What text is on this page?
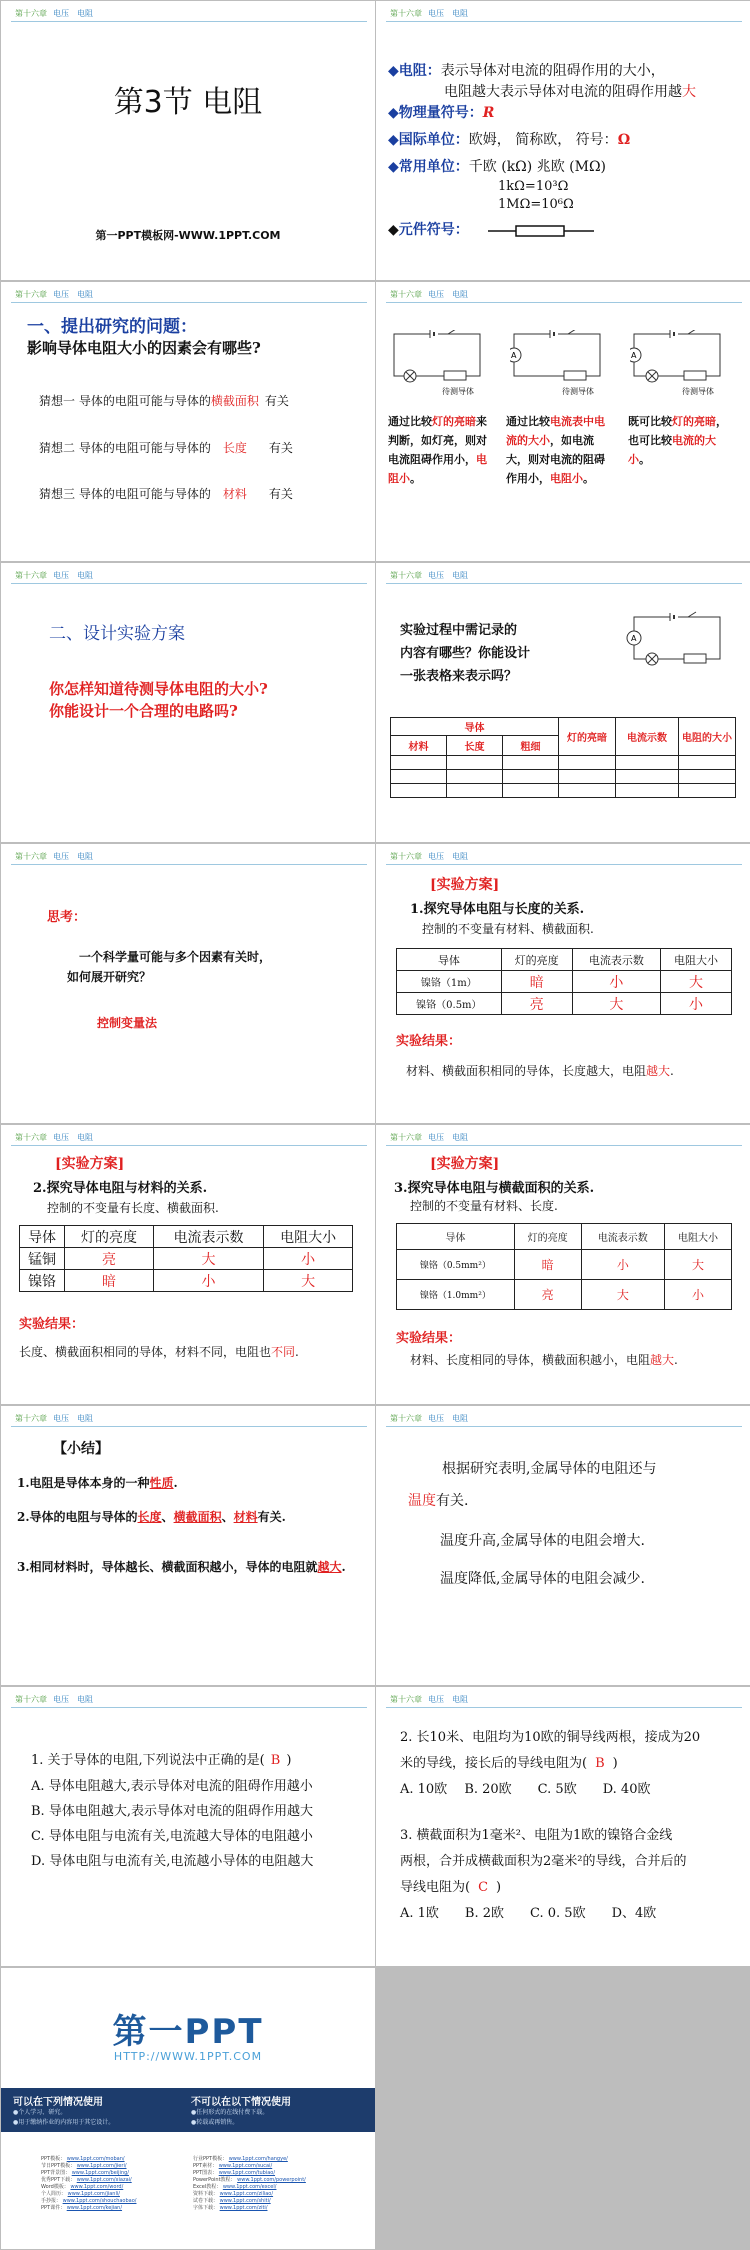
第十六章 电压　电阻
第3节 电阻
第一PPT模板网-WWW.1PPT.COM
第十六章 电压　电阻
◆电阻：表示导体对电流的阻碍作用的大小，
电阻越大表示导体对电流的阻碍作用越大
◆物理量符号：R
◆国际单位：欧姆， 简称欧， 符号：Ω
◆常用单位：千欧 (kΩ) 兆欧 (MΩ)
1kΩ=10³Ω
1MΩ=10⁶Ω
◆元件符号：
第十六章 电压　电阻
一、提出研究的问题：
影响导体电阻大小的因素会有哪些?
猜想一 导体的电阻可能与导体的横截面积 有关
猜想二 导体的电阻可能与导体的 长度 有关
猜想三 导体的电阻可能与导体的 材料 有关
第十六章 电压　电阻
待测导体
A
待测导体
A
待测导体
通过比较灯的亮暗来判断，如灯亮，则对电流阻碍作用小，电阻小。
通过比较电流表中电流的大小，如电流大，则对电流的阻碍作用小，电阻小。
既可比较灯的亮暗，也可比较电流的大小。
第十六章 电压　电阻
二、设计实验方案
你怎样知道待测导体电阻的大小?
你能设计一个合理的电路吗?
第十六章 电压　电阻
实验过程中需记录的
内容有哪些？你能设计
一张表格来表示吗？
A
导体			灯的亮暗	电流示数	电阻的大小
材料	长度	粗细			

第十六章 电压　电阻
思考：
一个科学量可能与多个因素有关时，
如何展开研究？
控制变量法
第十六章 电压　电阻
[实验方案]
1.探究导体电阻与长度的关系.
控制的不变量有材料、横截面积.
导体	灯的亮度	电流表示数	电阻大小
镍铬（1m）	暗	小	大
镍铬（0.5m）	亮	大	小
实验结果：
材料、横截面积相同的导体，长度越大，电阻越大.
第十六章 电压　电阻
[实验方案]
2.探究导体电阻与材料的关系.
控制的不变量有长度、横截面积.
导体	灯的亮度	电流表示数	电阻大小
锰铜	亮	大	小
镍铬	暗	小	大
实验结果：
长度、横截面积相同的导体，材料不同，电阻也不同.
第十六章 电压　电阻
[实验方案]
3.探究导体电阻与横截面积的关系.
控制的不变量有材料、长度.
导体	灯的亮度	电流表示数	电阻大小
镍铬（0.5mm²）	暗	小	大
镍铬（1.0mm²）	亮	大	小
实验结果：
材料、长度相同的导体，横截面积越小，电阻越大.
第十六章 电压　电阻
【小结】
1.电阻是导体本身的一种性质.
2.导体的电阻与导体的长度、横截面积、材料有关.
3.相同材料时，导体越长、横截面积越小，导体的电阻就越大.
第十六章 电压　电阻
根据研究表明,金属导体的电阻还与
温度有关.
温度升高,金属导体的电阻会增大.
温度降低,金属导体的电阻会减少.
第十六章 电压　电阻
1. 关于导体的电阻,下列说法中正确的是( B )
A. 导体电阻越大,表示导体对电流的阻碍作用越小
B. 导体电阻越大,表示导体对电流的阻碍作用越大
C. 导体电阻与电流有关,电流越大导体的电阻越小
D. 导体电阻与电流有关,电流越小导体的电阻越大
第十六章 电压　电阻
2. 长10米、电阻均为10欧的铜导线两根，接成为20
米的导线，接长后的导线电阻为( B )
A. 10欧　 B. 20欧　　C. 5欧　　D. 40欧
3. 横截面积为1毫米²、电阻为1欧的镍铬合金线
两根，合并成横截面积为2毫米²的导线，合并后的
导线电阻为( C )
A. 1欧　　B. 2欧　　C. 0. 5欧　　D、4欧
第一PPT
HTTP://WWW.1PPT.COM
可以在下列情况使用
●个人学习、研究。
●用于缴纳作业的内容用于其它设计。
不可以在以下情况使用
●任何形式的在线付费下载。
●转载或再销售。
PPT模板： www.1ppt.com/moban/
节日PPT模板： www.1ppt.com/jieri/
PPT背景图： www.1ppt.com/beijing/
优秀PPT下载： www.1ppt.com/xiazai/
Word模板： www.1ppt.com/word/
个人简历： www.1ppt.com/jianli/
手抄报： www.1ppt.com/shouchaobao/
PPT课件： www.1ppt.com/kejian/
行业PPT模板： www.1ppt.com/hangye/
PPT素材： www.1ppt.com/sucai/
PPT图表： www.1ppt.com/tubiao/
PowerPoint教程： www.1ppt.com/powerpoint/
Excel教程： www.1ppt.com/excel/
资料下载： www.1ppt.com/ziliao/
试卷下载： www.1ppt.com/shiti/
字体下载： www.1ppt.com/ziti/
